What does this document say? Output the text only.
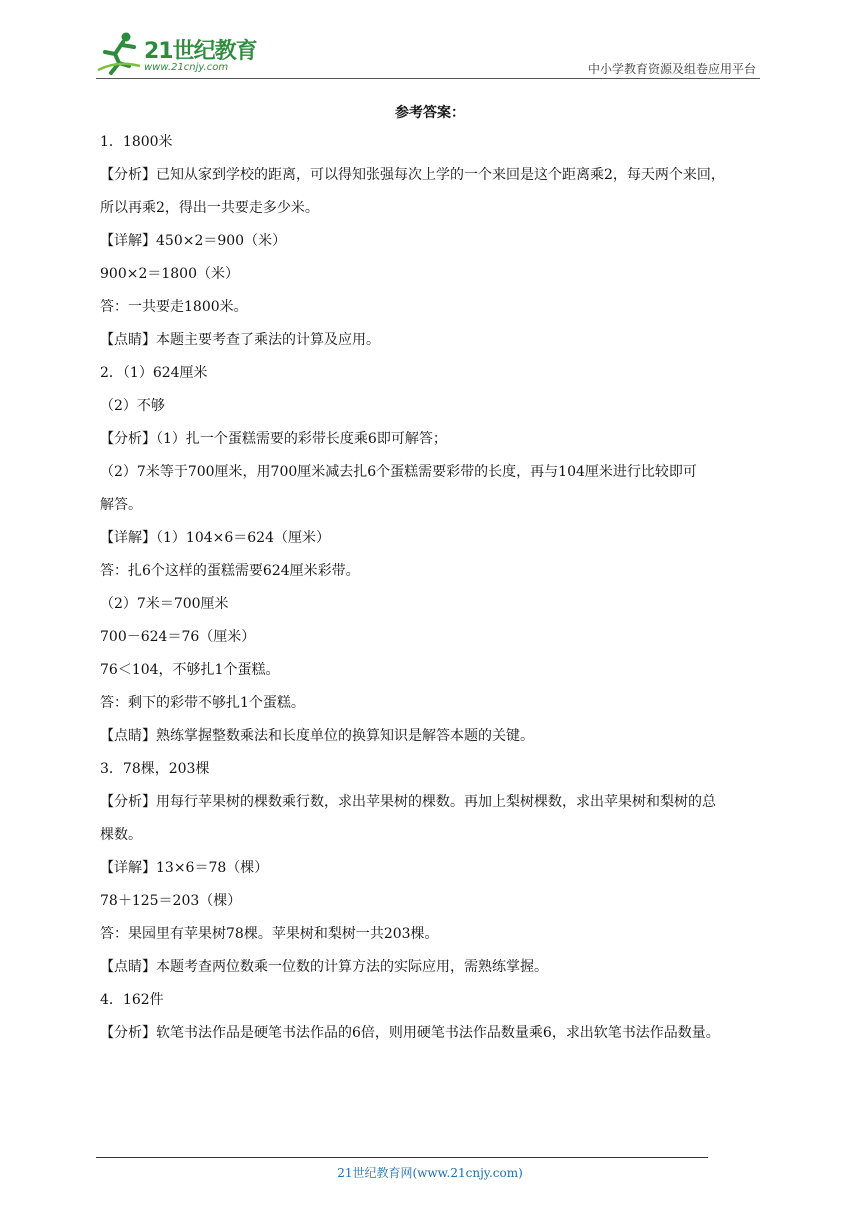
21世纪教育
www.21cnjy.com	中小学教育资源及组卷应用平台
参考答案：

1．1800米

【分析】已知从家到学校的距离，可以得知张强每次上学的一个来回是这个距离乘2，每天两个来回，

所以再乘2，得出一共要走多少米。

【详解】450×2＝900（米）

900×2＝1800（米）

答：一共要走1800米。

【点睛】本题主要考查了乘法的计算及应用。

2．（1）624厘米

（2）不够

【分析】（1）扎一个蛋糕需要的彩带长度乘6即可解答；

（2）7米等于700厘米，用700厘米减去扎6个蛋糕需要彩带的长度，再与104厘米进行比较即可

解答。

【详解】（1）104×6＝624（厘米）

答：扎6个这样的蛋糕需要624厘米彩带。

（2）7米＝700厘米

700－624＝76（厘米）

76＜104，不够扎1个蛋糕。

答：剩下的彩带不够扎1个蛋糕。

【点睛】熟练掌握整数乘法和长度单位的换算知识是解答本题的关键。

3．78棵，203棵

【分析】用每行苹果树的棵数乘行数，求出苹果树的棵数。再加上梨树棵数，求出苹果树和梨树的总

棵数。

【详解】13×6＝78（棵）

78＋125＝203（棵）

答：果园里有苹果树78棵。苹果树和梨树一共203棵。

【点睛】本题考查两位数乘一位数的计算方法的实际应用，需熟练掌握。

4．162件

【分析】软笔书法作品是硬笔书法作品的6倍，则用硬笔书法作品数量乘6，求出软笔书法作品数量。

21世纪教育网(www.21cnjy.com)
